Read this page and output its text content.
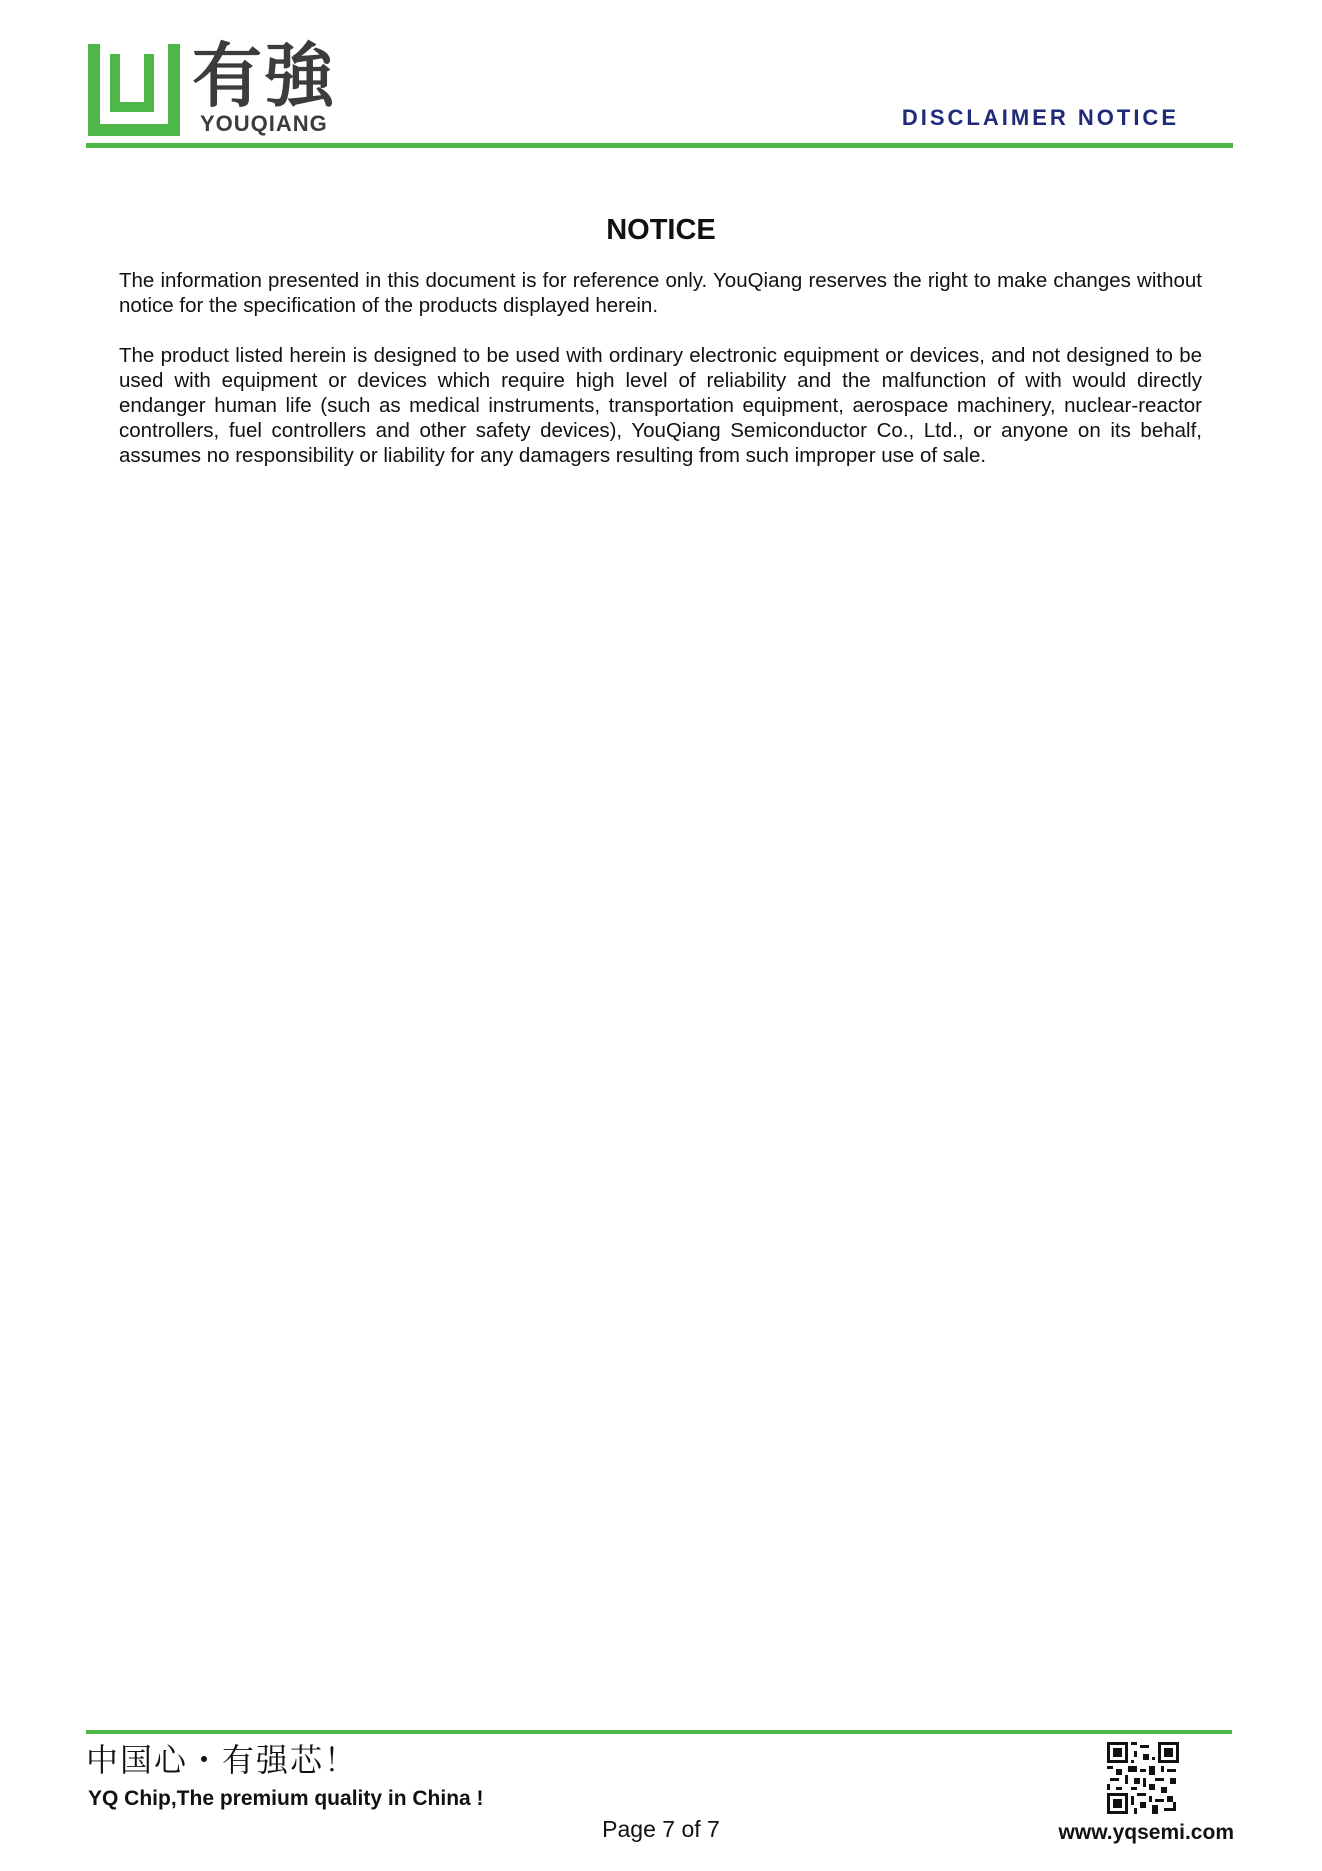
有強
YOUQIANG	DISCLAIMER NOTICE
NOTICE

The information presented in this document is for reference only. YouQiang reserves the right to make changes without notice for the specification of the products displayed herein.

The product listed herein is designed to be used with ordinary electronic equipment or devices, and not designed to be used with equipment or devices which require high level of reliability and the malfunction of with would directly endanger human life (such as medical instruments, transportation equipment, aerospace machinery, nuclear-reactor controllers, fuel controllers and other safety devices), YouQiang Semiconductor Co., Ltd., or anyone on its behalf, assumes no responsibility or liability for any damagers resulting from such improper use of sale.

中国心・有强芯！
YQ Chip,The premium quality in China !
Page 7 of 7	www.yqsemi.com
